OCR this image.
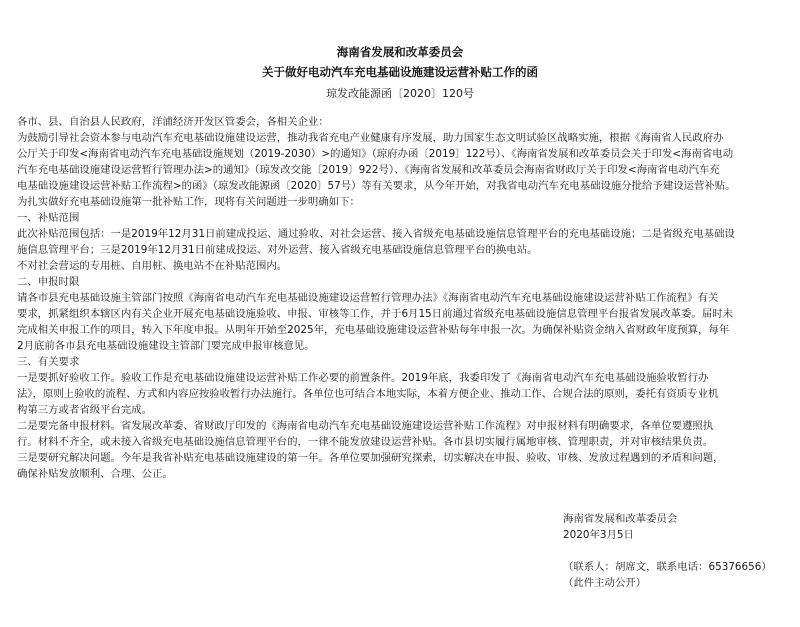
海南省发展和改革委员会
关于做好电动汽车充电基础设施建设运营补贴工作的函
琼发改能源函〔2020〕120号

各市、县、自治县人民政府，洋浦经济开发区管委会，各相关企业：

为鼓励引导社会资本参与电动汽车充电基础设施建设运营，推动我省充电产业健康有序发展，助力国家生态文明试验区战略实施，根据《海南省人民政府办

公厅关于印发<海南省电动汽车充电基础设施规划（2019-2030）>的通知》（琼府办函〔2019〕122号）、《海南省发展和改革委员会关于印发<海南省电动

汽车充电基础设施建设运营暂行管理办法>的通知》（琼发改交能〔2019〕922号）、《海南省发展和改革委员会海南省财政厅关于印发<海南省电动汽车充

电基础设施建设运营补贴工作流程>的函》（琼发改能源函〔2020〕57号）等有关要求，从今年开始，对我省电动汽车充电基础设施分批给予建设运营补贴。

为扎实做好充电基础设施第一批补贴工作，现将有关问题进一步明确如下：

一、补贴范围

此次补贴范围包括：一是2019年12月31日前建成投运、通过验收、对社会运营、接入省级充电基础设施信息管理平台的充电基础设施；二是省级充电基础设

施信息管理平台；三是2019年12月31日前建成投运、对外运营、接入省级充电基础设施信息管理平台的换电站。

不对社会营运的专用桩、自用桩、换电站不在补贴范围内。

二、申报时限

请各市县充电基础设施主管部门按照《海南省电动汽车充电基础设施建设运营暂行管理办法》《海南省电动汽车充电基础设施建设运营补贴工作流程》有关

要求，抓紧组织本辖区内有关企业开展充电基础设施验收、申报、审核等工作，并于6月15日前通过省级充电基础设施信息管理平台报省发展改革委。届时未

完成相关申报工作的项目，转入下年度申报。从明年开始至2025年，充电基础设施建设运营补贴每年申报一次。为确保补贴资金纳入省财政年度预算，每年

2月底前各市县充电基础设施建设主管部门要完成申报审核意见。

三、有关要求

一是要抓好验收工作。验收工作是充电基础设施建设运营补贴工作必要的前置条件。2019年底，我委印发了《海南省电动汽车充电基础设施验收暂行办

法》，原则上验收的流程、方式和内容应按验收暂行办法施行。各单位也可结合本地实际，本着方便企业、推动工作、合规合法的原则，委托有资质专业机

构第三方或者省级平台完成。

二是要完备申报材料。省发展改革委、省财政厅印发的《海南省电动汽车充电基础设施建设运营补贴工作流程》对申报材料有明确要求，各单位要遵照执

行。材料不齐全，或未接入省级充电基础设施信息管理平台的，一律不能发放建设运营补贴。各市县切实履行属地审核、管理职责，并对审核结果负责。

三是要研究解决问题。今年是我省补贴充电基础设施建设的第一年。各单位要加强研究探索，切实解决在申报、验收、审核、发放过程遇到的矛盾和问题，

确保补贴发放顺利、合理、公正。

海南省发展和改革委员会
2020年3月5日
（联系人：胡席文，联系电话：65376656）
（此件主动公开）
